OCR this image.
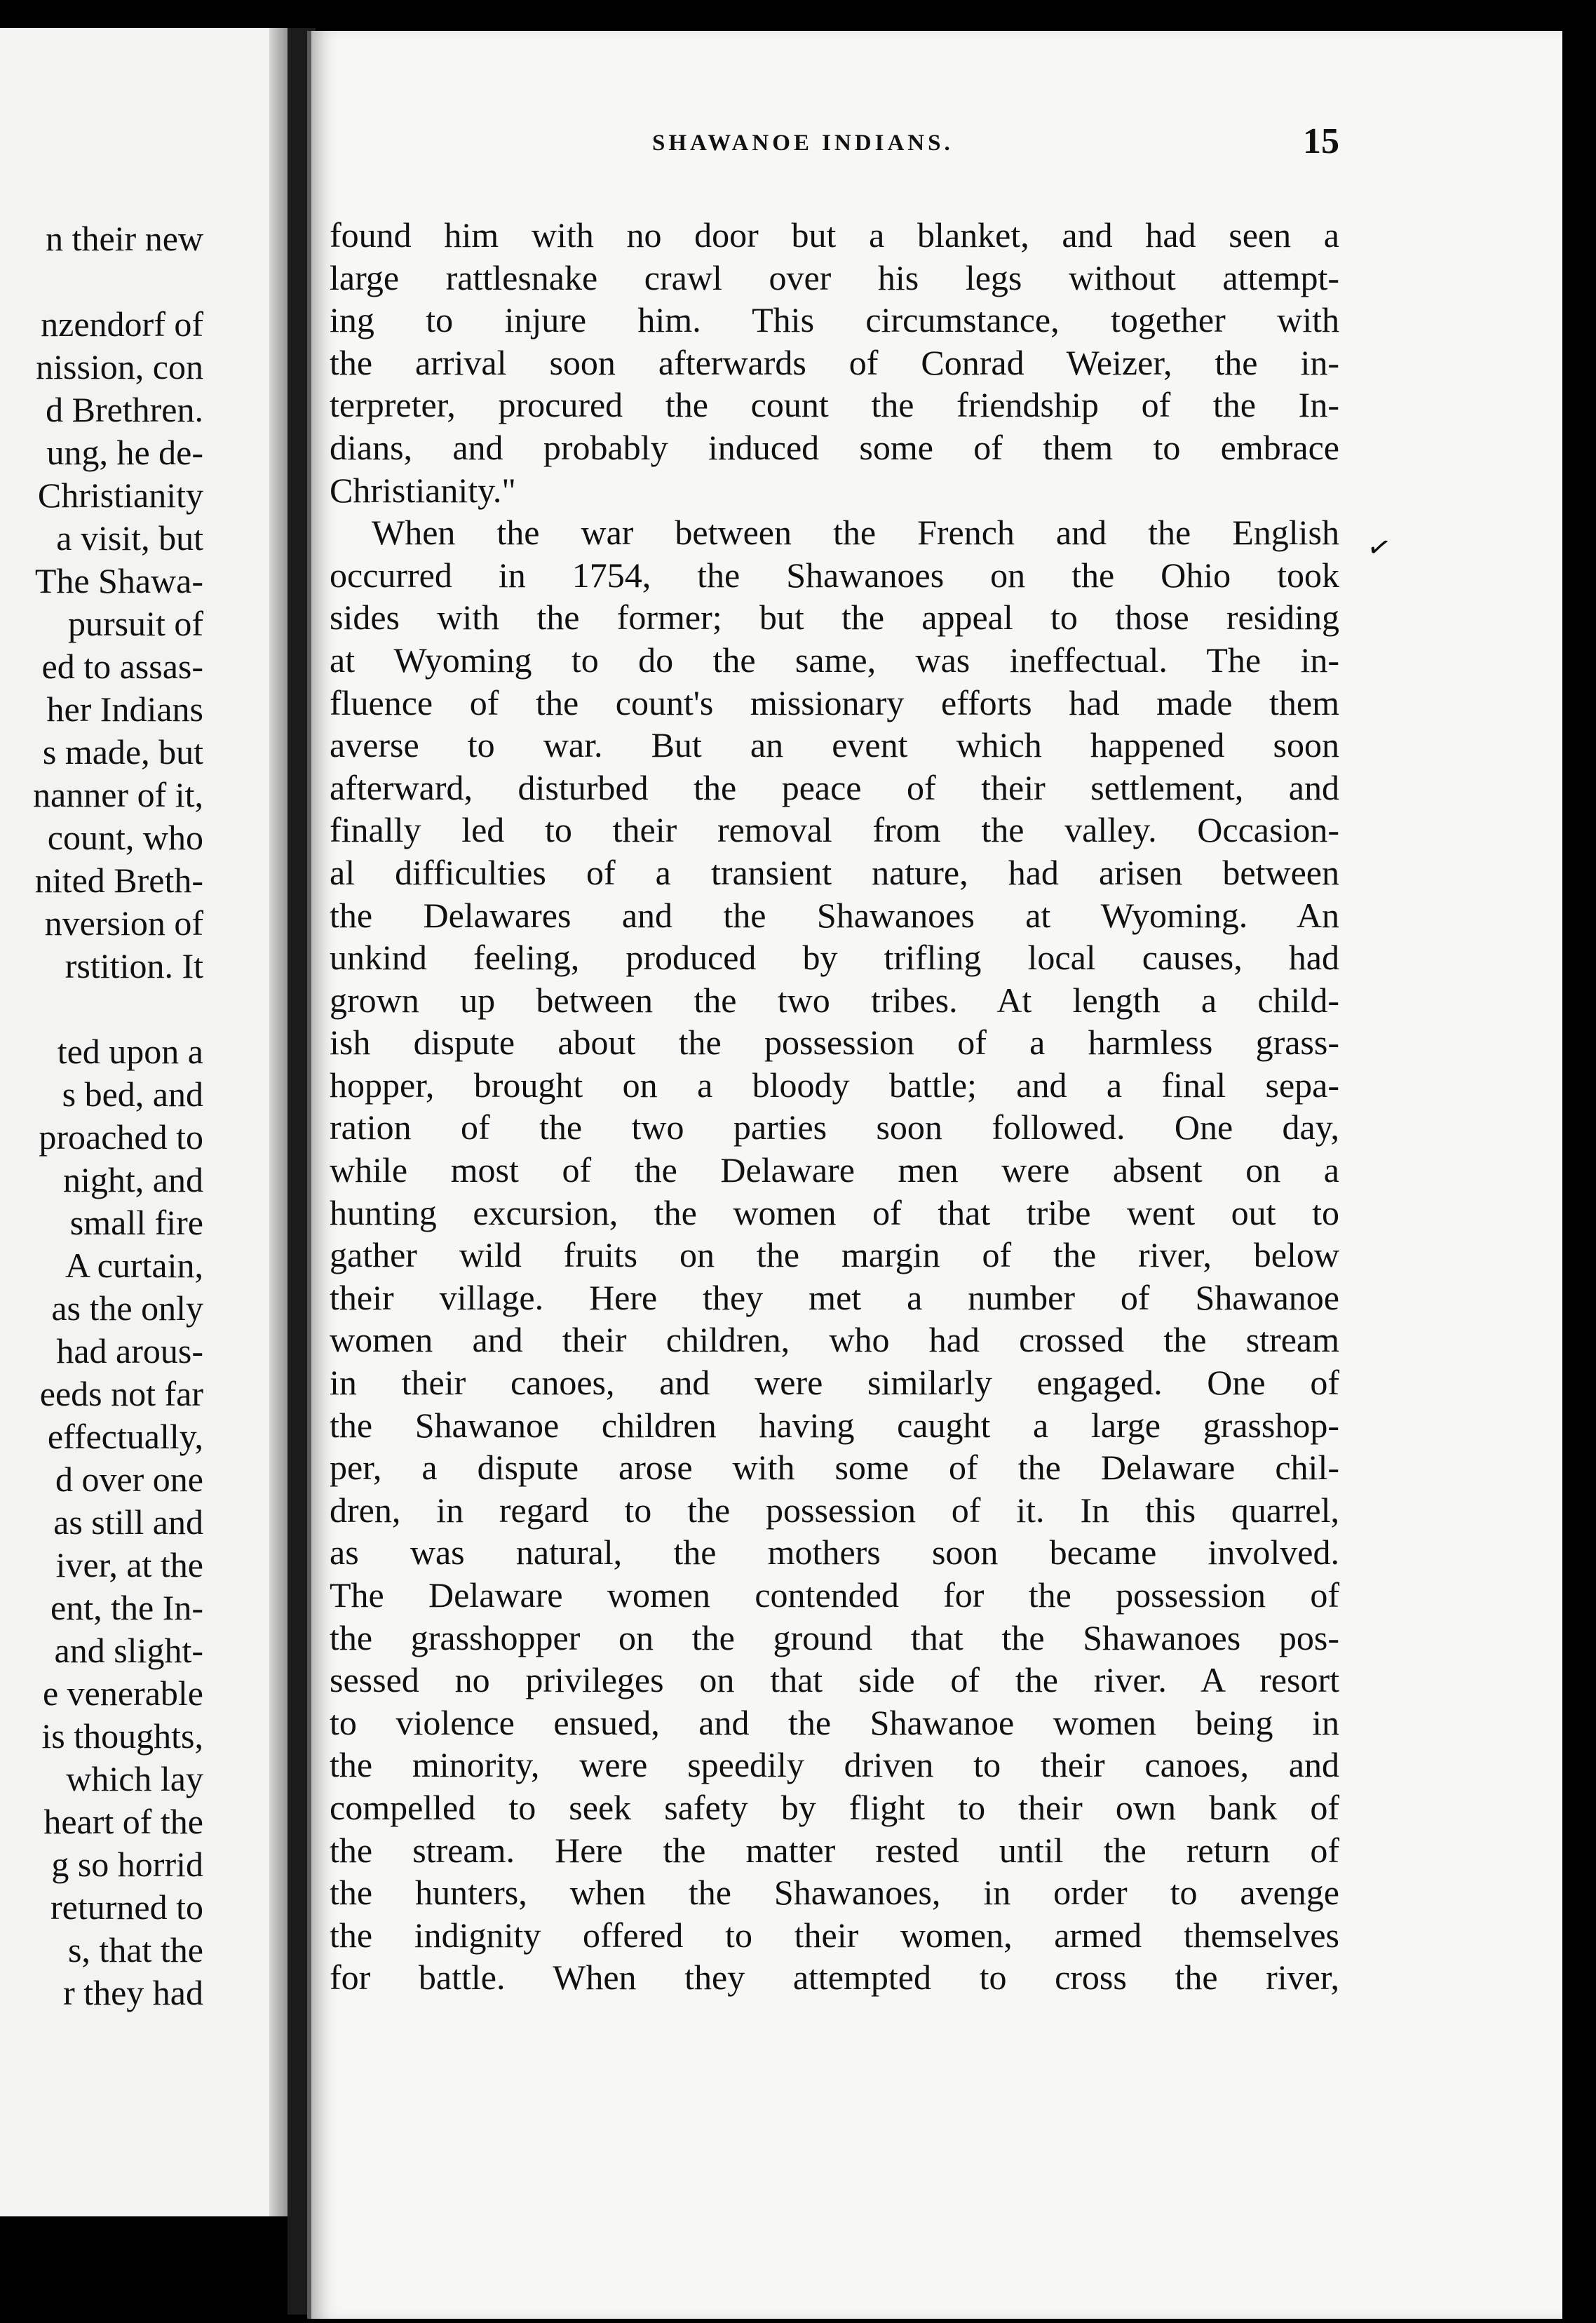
n their new
nzendorf of
nission, con
d Brethren.
ung, he de-
Christianity
a visit, but
The Shawa-
pursuit of
ed to assas-
her Indians
s made, but
nanner of it,
count, who
nited Breth-
nversion of
rstition. It
ted upon a
s bed, and
proached to
night, and
small fire
A curtain,
as the only
had arous-
eeds not far
effectually,
d over one
as still and
iver, at the
ent, the In-
and slight-
e venerable
is thoughts,
which lay
heart of the
g so horrid
returned to
s, that the
r they had
SHAWANOE INDIANS.	15
found him with no door but a blanket, and had seen a
large rattlesnake crawl over his legs without attempt-
ing to injure him. This circumstance, together with
the arrival soon afterwards of Conrad Weizer, the in-
terpreter, procured the count the friendship of the In-
dians, and probably induced some of them to embrace
Christianity."
When the war between the French and the English
occurred in 1754, the Shawanoes on the Ohio took
sides with the former; but the appeal to those residing
at Wyoming to do the same, was ineffectual. The in-
fluence of the count's missionary efforts had made them
averse to war. But an event which happened soon
afterward, disturbed the peace of their settlement, and
finally led to their removal from the valley. Occasion-
al difficulties of a transient nature, had arisen between
the Delawares and the Shawanoes at Wyoming. An
unkind feeling, produced by trifling local causes, had
grown up between the two tribes. At length a child-
ish dispute about the possession of a harmless grass-
hopper, brought on a bloody battle; and a final sepa-
ration of the two parties soon followed. One day,
while most of the Delaware men were absent on a
hunting excursion, the women of that tribe went out to
gather wild fruits on the margin of the river, below
their village. Here they met a number of Shawanoe
women and their children, who had crossed the stream
in their canoes, and were similarly engaged. One of
the Shawanoe children having caught a large grasshop-
per, a dispute arose with some of the Delaware chil-
dren, in regard to the possession of it. In this quarrel,
as was natural, the mothers soon became involved.
The Delaware women contended for the possession of
the grasshopper on the ground that the Shawanoes pos-
sessed no privileges on that side of the river. A resort
to violence ensued, and the Shawanoe women being in
the minority, were speedily driven to their canoes, and
compelled to seek safety by flight to their own bank of
the stream. Here the matter rested until the return of
the hunters, when the Shawanoes, in order to avenge
the indignity offered to their women, armed themselves
for battle. When they attempted to cross the river,
✓
